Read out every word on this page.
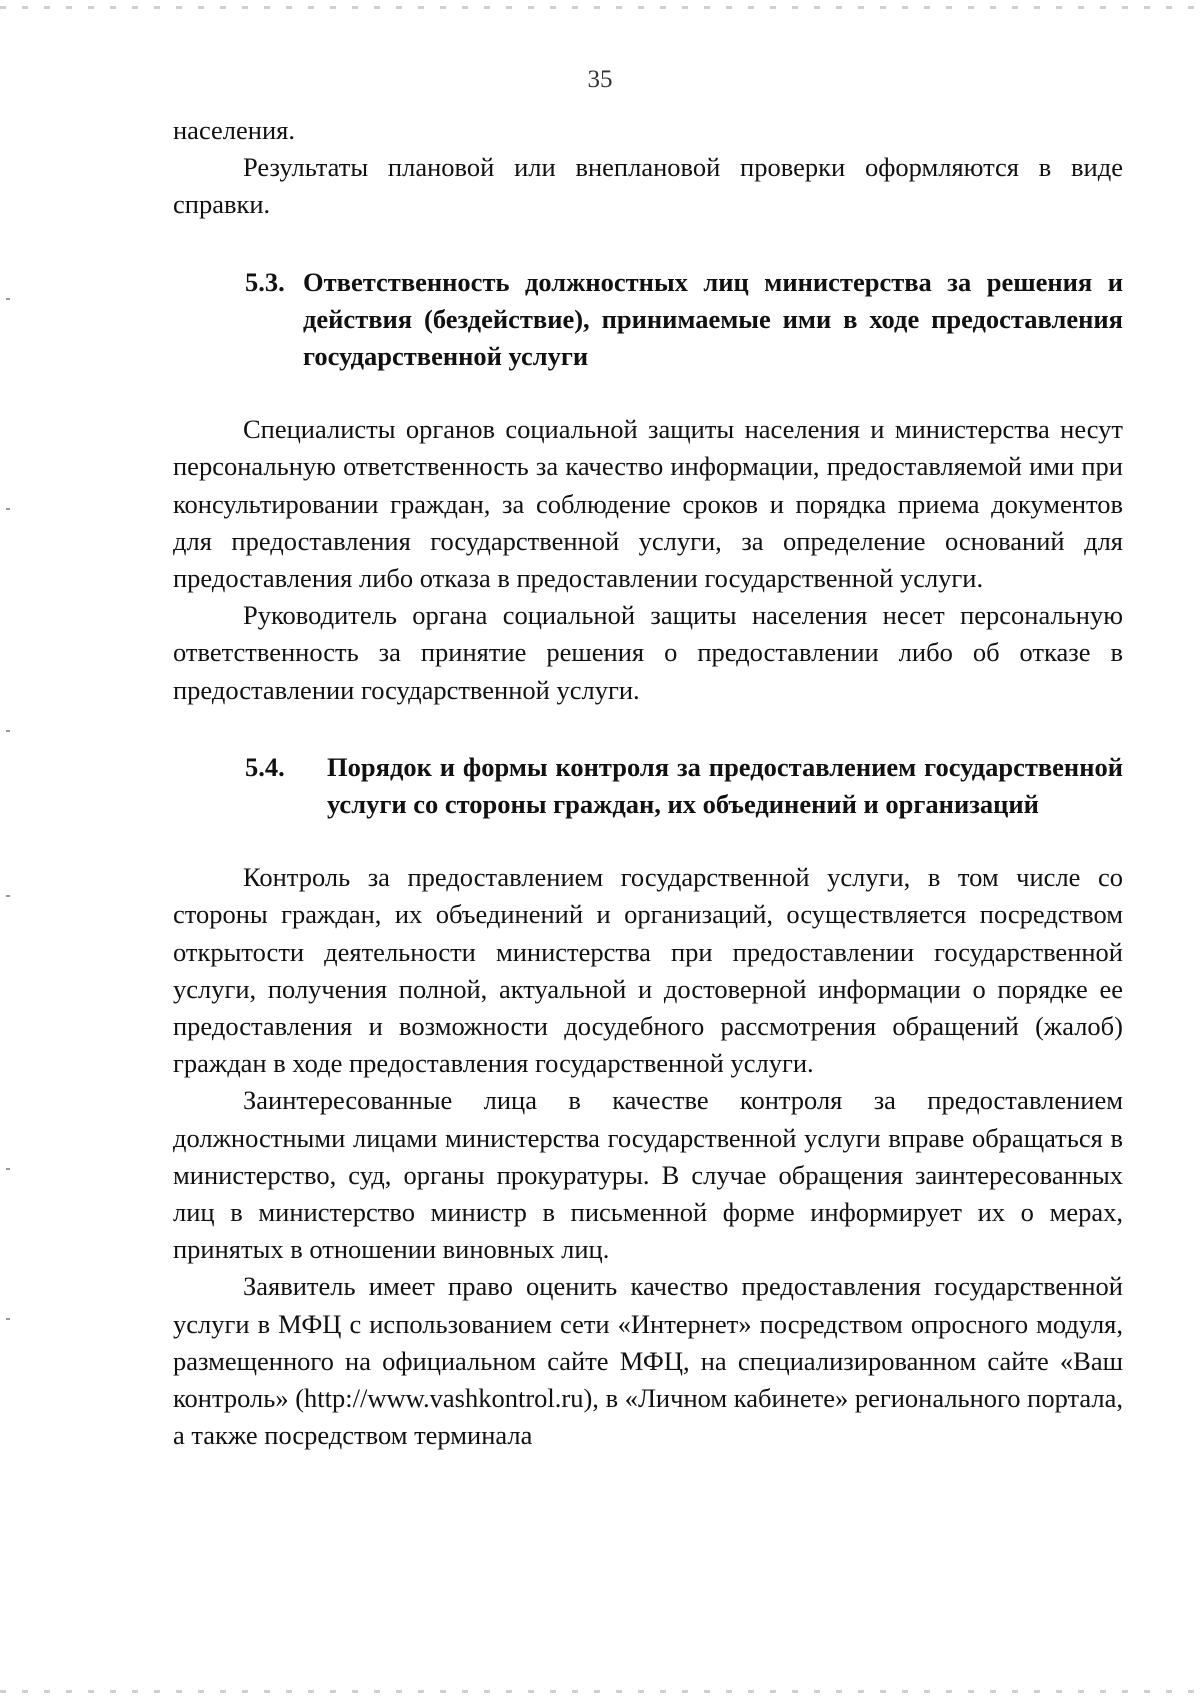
35

населения.

Результаты плановой или внеплановой проверки оформляются в виде справки.

5.3. Ответственность должностных лиц министерства за решения и действия (бездействие), принимаемые ими в ходе предоставления государственной услуги

Специалисты органов социальной защиты населения и министерства несут персональную ответственность за качество информации, предоставляемой ими при консультировании граждан, за соблюдение сроков и порядка приема документов для предоставления государственной услуги, за определение оснований для предоставления либо отказа в предоставлении государственной услуги.

Руководитель органа социальной защиты населения несет персональную ответственность за принятие решения о предоставлении либо об отказе в предоставлении государственной услуги.

5.4. Порядок и формы контроля за предоставлением государственной услуги со стороны граждан, их объединений и организаций

Контроль за предоставлением государственной услуги, в том числе со стороны граждан, их объединений и организаций, осуществляется посредством открытости деятельности министерства при предоставлении государственной услуги, получения полной, актуальной и достоверной информации о порядке ее предоставления и возможности досудебного рассмотрения обращений (жалоб) граждан в ходе предоставления государственной услуги.

Заинтересованные лица в качестве контроля за предоставлением должностными лицами министерства государственной услуги вправе обращаться в министерство, суд, органы прокуратуры. В случае обращения заинтересованных лиц в министерство министр в письменной форме информирует их о мерах, принятых в отношении виновных лиц.

Заявитель имеет право оценить качество предоставления государственной услуги в МФЦ с использованием сети «Интернет» посредством опросного модуля, размещенного на официальном сайте МФЦ, на специализированном сайте «Ваш контроль» (http://www.vashkontrol.ru), в «Личном кабинете» регионального портала, а также посредством терминала
